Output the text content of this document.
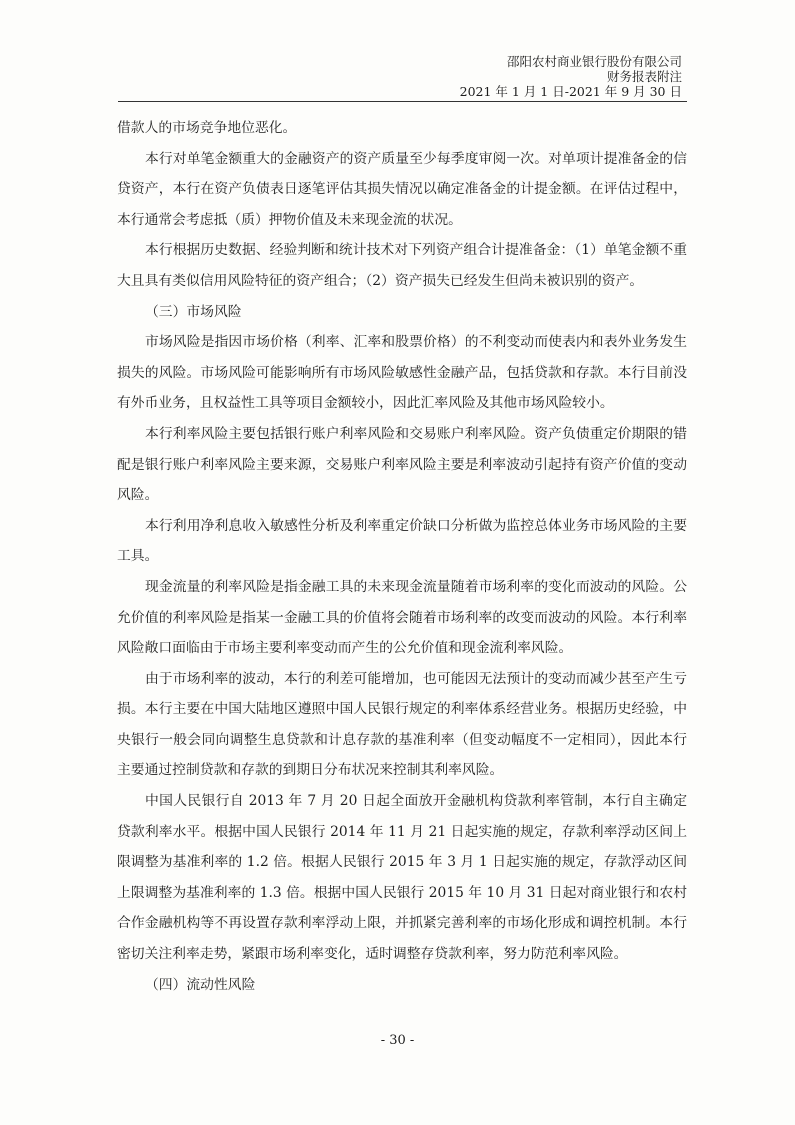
邵阳农村商业银行股份有限公司
财务报表附注
2021 年 1 月 1 日-2021 年 9 月 30 日

借款人的市场竞争地位恶化。

本行对单笔金额重大的金融资产的资产质量至少每季度审阅一次。对单项计提准备金的信贷资产，本行在资产负债表日逐笔评估其损失情况以确定准备金的计提金额。在评估过程中，本行通常会考虑抵（质）押物价值及未来现金流的状况。

本行根据历史数据、经验判断和统计技术对下列资产组合计提准备金：（1）单笔金额不重大且具有类似信用风险特征的资产组合；（2）资产损失已经发生但尚未被识别的资产。

（三）市场风险

市场风险是指因市场价格（利率、汇率和股票价格）的不利变动而使表内和表外业务发生损失的风险。市场风险可能影响所有市场风险敏感性金融产品，包括贷款和存款。本行目前没有外币业务，且权益性工具等项目金额较小，因此汇率风险及其他市场风险较小。

本行利率风险主要包括银行账户利率风险和交易账户利率风险。资产负债重定价期限的错配是银行账户利率风险主要来源，交易账户利率风险主要是利率波动引起持有资产价值的变动风险。

本行利用净利息收入敏感性分析及利率重定价缺口分析做为监控总体业务市场风险的主要工具。

现金流量的利率风险是指金融工具的未来现金流量随着市场利率的变化而波动的风险。公允价值的利率风险是指某一金融工具的价值将会随着市场利率的改变而波动的风险。本行利率风险敞口面临由于市场主要利率变动而产生的公允价值和现金流利率风险。

由于市场利率的波动，本行的利差可能增加，也可能因无法预计的变动而减少甚至产生亏损。本行主要在中国大陆地区遵照中国人民银行规定的利率体系经营业务。根据历史经验，中央银行一般会同向调整生息贷款和计息存款的基准利率（但变动幅度不一定相同），因此本行主要通过控制贷款和存款的到期日分布状况来控制其利率风险。

中国人民银行自 2013 年 7 月 20 日起全面放开金融机构贷款利率管制，本行自主确定贷款利率水平。根据中国人民银行 2014 年 11 月 21 日起实施的规定，存款利率浮动区间上限调整为基准利率的 1.2 倍。根据人民银行 2015 年 3 月 1 日起实施的规定，存款浮动区间上限调整为基准利率的 1.3 倍。根据中国人民银行 2015 年 10 月 31 日起对商业银行和农村合作金融机构等不再设置存款利率浮动上限，并抓紧完善利率的市场化形成和调控机制。本行密切关注利率走势，紧跟市场利率变化，适时调整存贷款利率，努力防范利率风险。

（四）流动性风险

- 30 -
